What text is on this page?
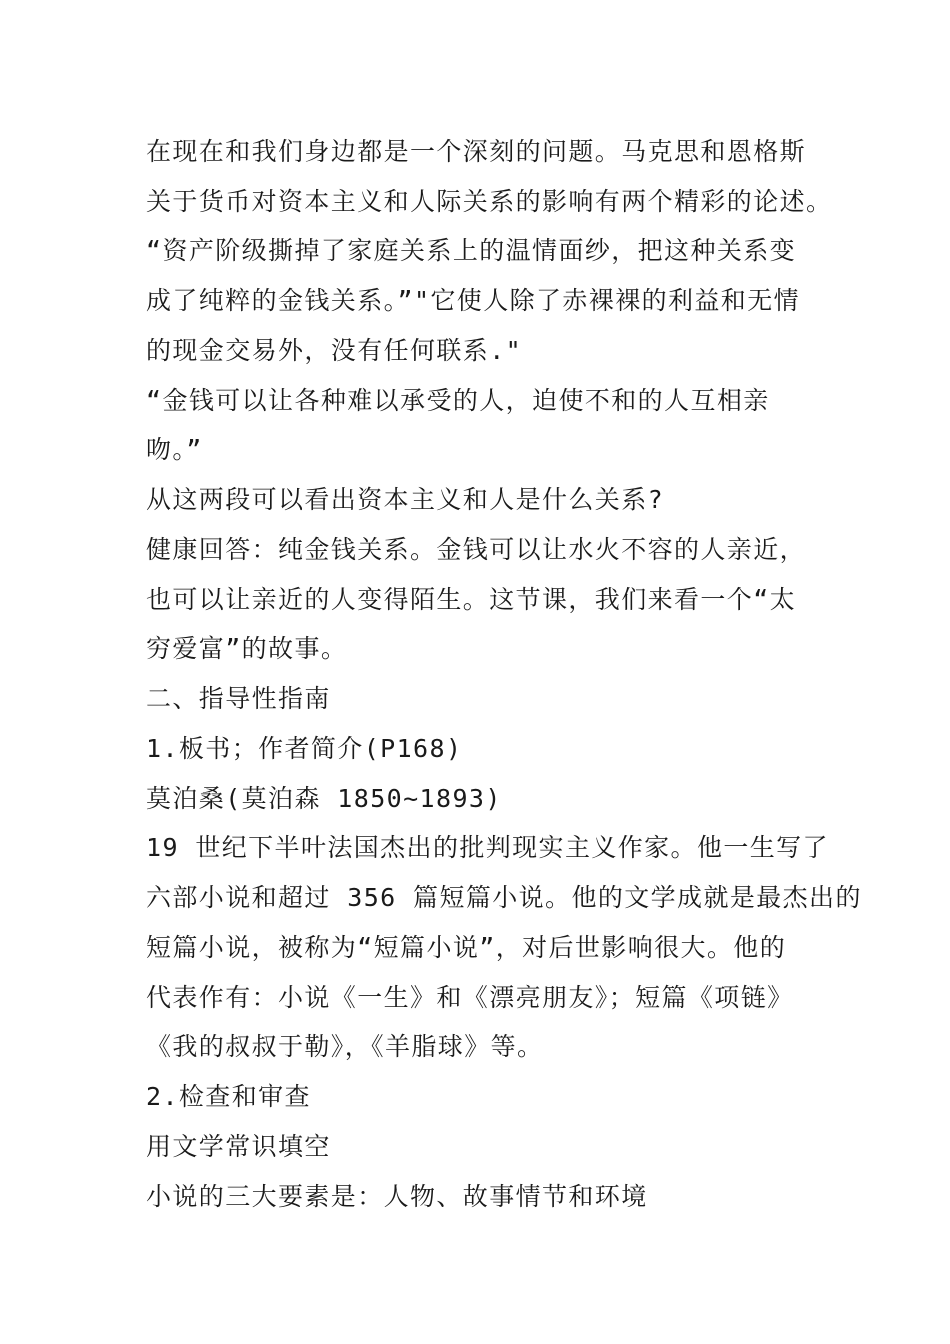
在现在和我们身边都是一个深刻的问题。马克思和恩格斯
关于货币对资本主义和人际关系的影响有两个精彩的论述。
“资产阶级撕掉了家庭关系上的温情面纱，把这种关系变
成了纯粹的金钱关系。”"它使人除了赤裸裸的利益和无情
的现金交易外，没有任何联系."
“金钱可以让各种难以承受的人，迫使不和的人互相亲
吻。”
从这两段可以看出资本主义和人是什么关系?
健康回答：纯金钱关系。金钱可以让水火不容的人亲近，
也可以让亲近的人变得陌生。这节课，我们来看一个“太
穷爱富”的故事。
二、指导性指南
1.板书；作者简介(P168)
莫泊桑(莫泊森 1850~1893)
19 世纪下半叶法国杰出的批判现实主义作家。他一生写了
六部小说和超过 356 篇短篇小说。他的文学成就是最杰出的
短篇小说，被称为“短篇小说”，对后世影响很大。他的
代表作有：小说《一生》和《漂亮朋友》；短篇《项链》
《我的叔叔于勒》，《羊脂球》等。
2.检查和审查
用文学常识填空
小说的三大要素是：人物、故事情节和环境
